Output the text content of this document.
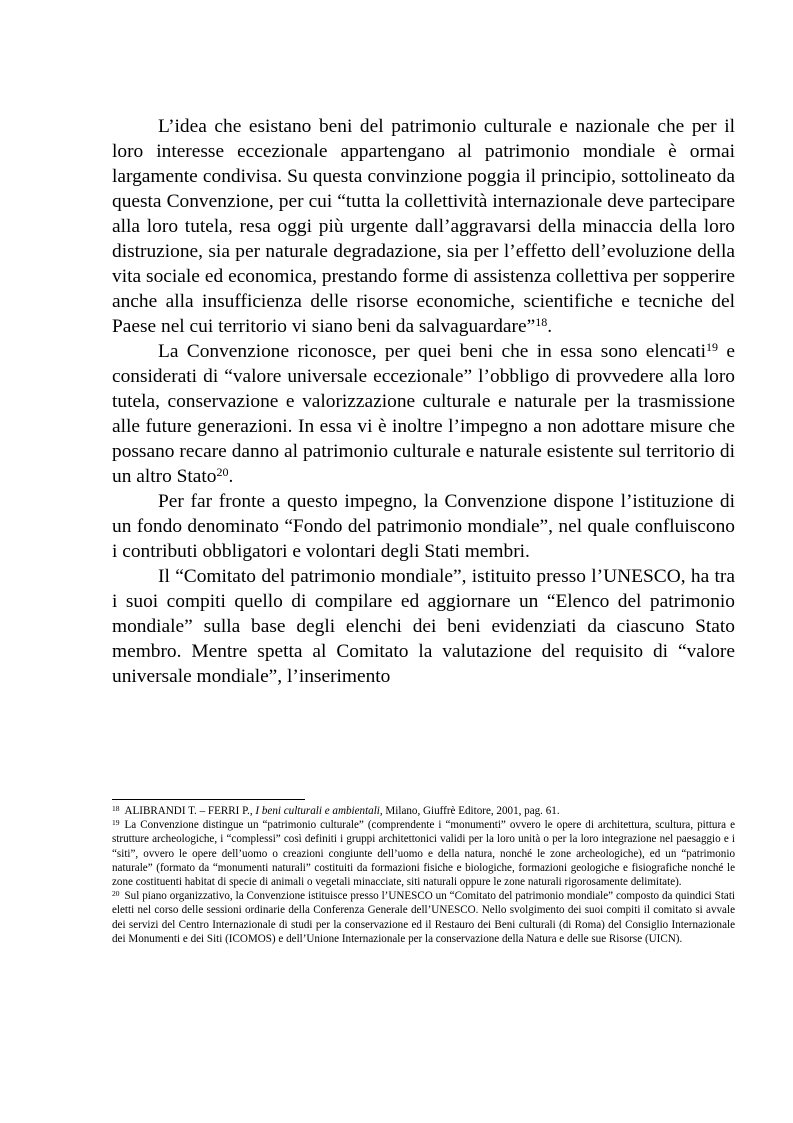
L’idea che esistano beni del patrimonio culturale e nazionale che per il loro interesse eccezionale appartengano al patrimonio mondiale è ormai largamente condivisa. Su questa convinzione poggia il principio, sottolineato da questa Convenzione, per cui “tutta la collettività internazionale deve partecipare alla loro tutela, resa oggi più urgente dall’aggravarsi della minaccia della loro distruzione, sia per naturale degradazione, sia per l’effetto dell’evoluzione della vita sociale ed economica, prestando forme di assistenza collettiva per sopperire anche alla insufficienza delle risorse economiche, scientifiche e tecniche del Paese nel cui territorio vi siano beni da salvaguardare”$^{18}$.

La Convenzione riconosce, per quei beni che in essa sono elencati$^{19}$ e considerati di “valore universale eccezionale” l’obbligo di provvedere alla loro tutela, conservazione e valorizzazione culturale e naturale per la trasmissione alle future generazioni. In essa vi è inoltre l’impegno a non adottare misure che possano recare danno al patrimonio culturale e naturale esistente sul territorio di un altro Stato$^{20}$.

Per far fronte a questo impegno, la Convenzione dispone l’istituzione di un fondo denominato “Fondo del patrimonio mondiale”, nel quale confluiscono i contributi obbligatori e volontari degli Stati membri.

Il “Comitato del patrimonio mondiale”, istituito presso l’UNESCO, ha tra i suoi compiti quello di compilare ed aggiornare un “Elenco del patrimonio mondiale” sulla base degli elenchi dei beni evidenziati da ciascuno Stato membro. Mentre spetta al Comitato la valutazione del requisito di “valore universale mondiale”, l’inserimento

$^{18}$ ALIBRANDI T. – FERRI P., I beni culturali e ambientali, Milano, Giuffrè Editore, 2001, pag. 61.

$^{19}$ La Convenzione distingue un “patrimonio culturale” (comprendente i “monumenti” ovvero le opere di architettura, scultura, pittura e strutture archeologiche, i “complessi” così definiti i gruppi architettonici validi per la loro unità o per la loro integrazione nel paesaggio e i “siti”, ovvero le opere dell’uomo o creazioni congiunte dell’uomo e della natura, nonché le zone archeologiche), ed un “patrimonio naturale” (formato da “monumenti naturali” costituiti da formazioni fisiche e biologiche, formazioni geologiche e fisiografiche nonché le zone costituenti habitat di specie di animali o vegetali minacciate, siti naturali oppure le zone naturali rigorosamente delimitate).

$^{20}$ Sul piano organizzativo, la Convenzione istituisce presso l’UNESCO un “Comitato del patrimonio mondiale” composto da quindici Stati eletti nel corso delle sessioni ordinarie della Conferenza Generale dell’UNESCO. Nello svolgimento dei suoi compiti il comitato si avvale dei servizi del Centro Internazionale di studi per la conservazione ed il Restauro dei Beni culturali (di Roma) del Consiglio Internazionale dei Monumenti e dei Siti (ICOMOS) e dell’Unione Internazionale per la conservazione della Natura e delle sue Risorse (UICN).
